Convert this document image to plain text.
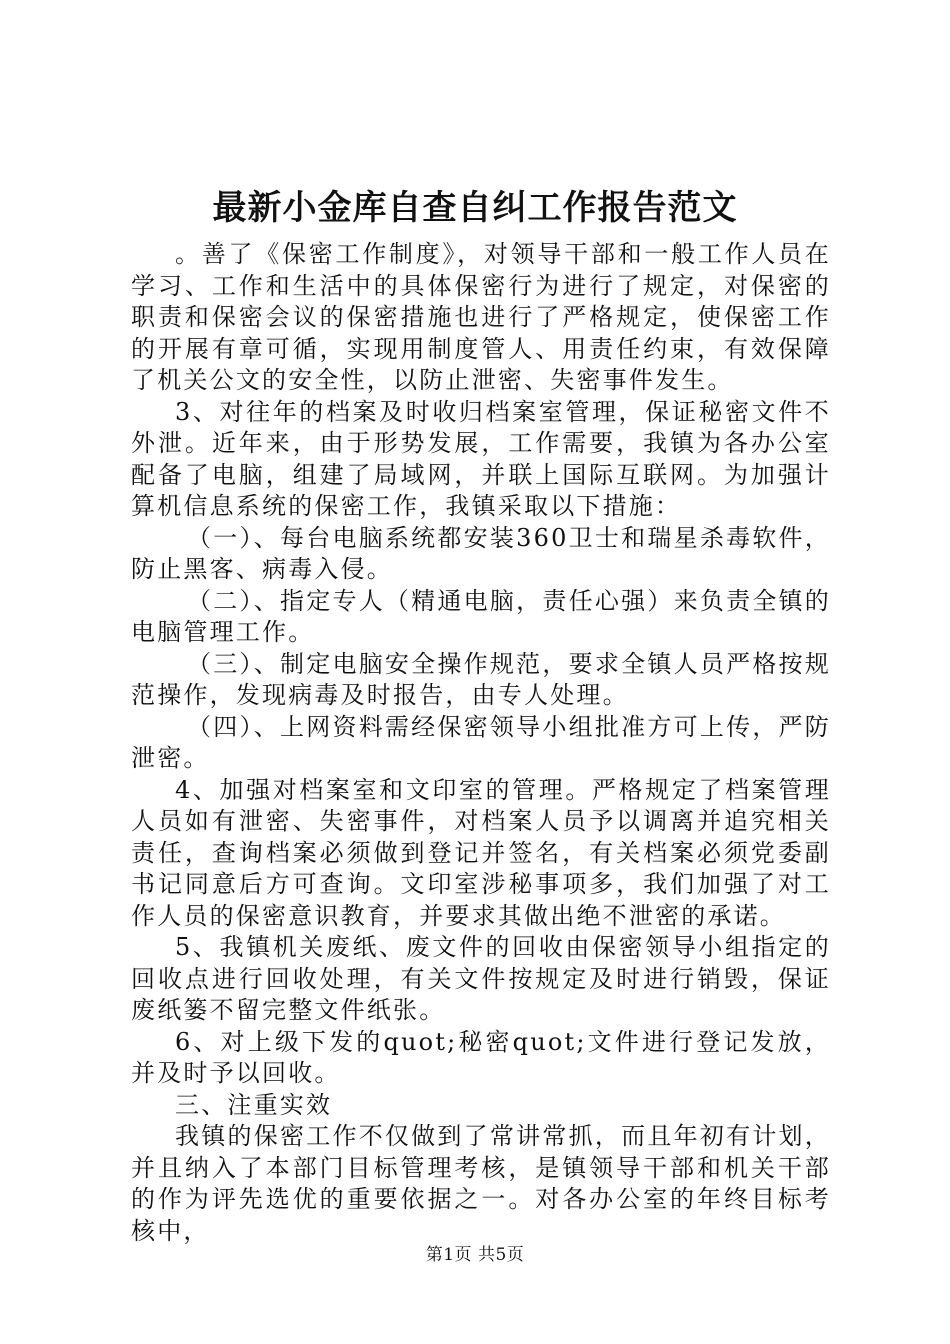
最新小金库自查自纠工作报告范文

。善了《保密工作制度》，对领导干部和一般工作人员在学习、工作和生活中的具体保密行为进行了规定，对保密的职责和保密会议的保密措施也进行了严格规定，使保密工作的开展有章可循，实现用制度管人、用责任约束，有效保障了机关公文的安全性，以防止泄密、失密事件发生。

3、对往年的档案及时收归档案室管理，保证秘密文件不外泄。近年来，由于形势发展，工作需要，我镇为各办公室配备了电脑，组建了局域网，并联上国际互联网。为加强计算机信息系统的保密工作，我镇采取以下措施：

（一）、每台电脑系统都安装360卫士和瑞星杀毒软件，防止黑客、病毒入侵。

（二）、指定专人（精通电脑，责任心强）来负责全镇的电脑管理工作。

（三）、制定电脑安全操作规范，要求全镇人员严格按规范操作，发现病毒及时报告，由专人处理。

（四）、上网资料需经保密领导小组批准方可上传，严防泄密。

4、加强对档案室和文印室的管理。严格规定了档案管理人员如有泄密、失密事件，对档案人员予以调离并追究相关责任，查询档案必须做到登记并签名，有关档案必须党委副书记同意后方可查询。文印室涉秘事项多，我们加强了对工作人员的保密意识教育，并要求其做出绝不泄密的承诺。

5、我镇机关废纸、废文件的回收由保密领导小组指定的回收点进行回收处理，有关文件按规定及时进行销毁，保证废纸篓不留完整文件纸张。

6、对上级下发的quot;秘密quot;文件进行登记发放，并及时予以回收。

三、注重实效

我镇的保密工作不仅做到了常讲常抓，而且年初有计划，并且纳入了本部门目标管理考核，是镇领导干部和机关干部的作为评先选优的重要依据之一。对各办公室的年终目标考核中，

第1页 共5页
